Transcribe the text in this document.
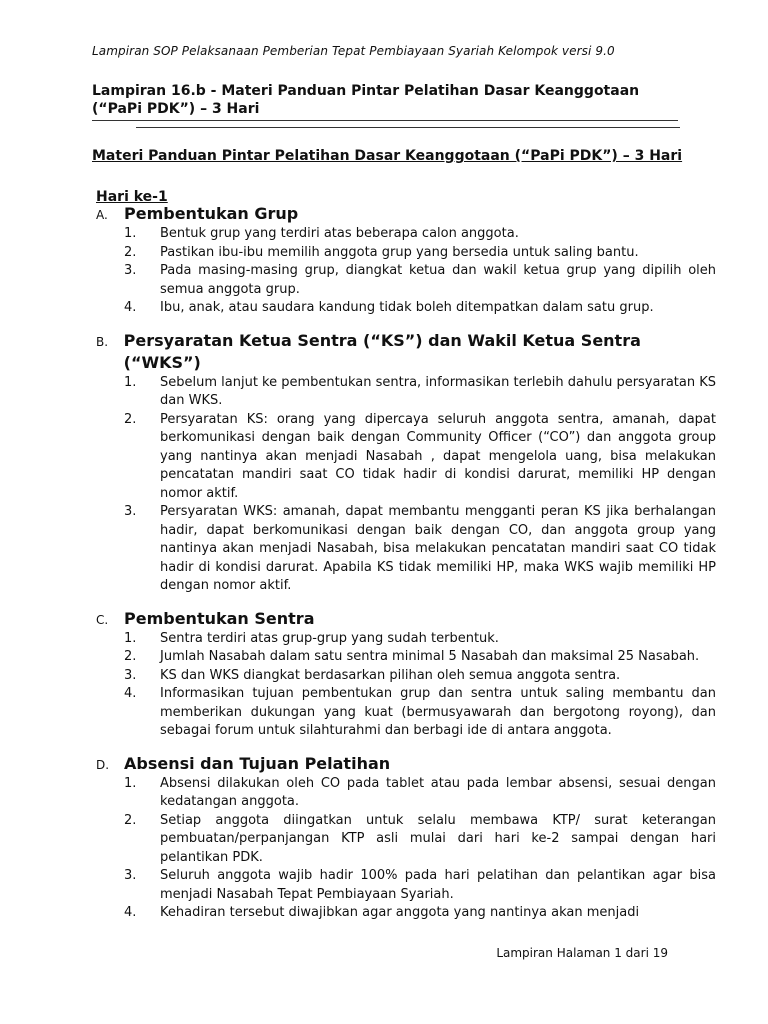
Lampiran SOP Pelaksanaan Pemberian Tepat Pembiayaan Syariah Kelompok versi 9.0
Lampiran 16.b - Materi Panduan Pintar Pelatihan Dasar Keanggotaan (“PaPi PDK”) – 3 Hari
Materi Panduan Pintar Pelatihan Dasar Keanggotaan (“PaPi PDK”) – 3 Hari
Hari ke-1
A.	Pembentukan Grup
1.	Bentuk grup yang terdiri atas beberapa calon anggota.
2.	Pastikan ibu-ibu memilih anggota grup yang bersedia untuk saling bantu.
3.	Pada masing-masing grup, diangkat ketua dan wakil ketua grup yang dipilih oleh semua anggota grup.
4.	Ibu, anak, atau saudara kandung tidak boleh ditempatkan dalam satu grup.
B. Persyaratan Ketua Sentra (“KS”) dan Wakil Ketua Sentra (“WKS”)
1.	Sebelum lanjut ke pembentukan sentra, informasikan terlebih dahulu persyaratan KS dan WKS.
2.	Persyaratan KS: orang yang dipercaya seluruh anggota sentra, amanah, dapat berkomunikasi dengan baik dengan Community Officer (“CO”) dan anggota group yang nantinya akan menjadi Nasabah , dapat mengelola uang, bisa melakukan pencatatan mandiri saat CO tidak hadir di kondisi darurat, memiliki HP dengan nomor aktif.
3.	Persyaratan WKS: amanah, dapat membantu mengganti peran KS jika berhalangan hadir, dapat berkomunikasi dengan baik dengan CO, dan anggota group yang nantinya akan menjadi Nasabah, bisa melakukan pencatatan mandiri saat CO tidak hadir di kondisi darurat. Apabila KS tidak memiliki HP, maka WKS wajib memiliki HP dengan nomor aktif.
C. Pembentukan Sentra
1.	Sentra terdiri atas grup-grup yang sudah terbentuk.
2.	Jumlah Nasabah dalam satu sentra minimal 5 Nasabah dan maksimal 25 Nasabah.
3.	KS dan WKS diangkat berdasarkan pilihan oleh semua anggota sentra.
4.	Informasikan tujuan pembentukan grup dan sentra untuk saling membantu dan memberikan dukungan yang kuat (bermusyawarah dan bergotong royong), dan sebagai forum untuk silahturahmi dan berbagi ide di antara anggota.
D. Absensi dan Tujuan Pelatihan
1.	Absensi dilakukan oleh CO pada tablet atau pada lembar absensi, sesuai dengan kedatangan anggota.
2.	Setiap anggota diingatkan untuk selalu membawa KTP/ surat keterangan pembuatan/perpanjangan KTP asli mulai dari hari ke-2 sampai dengan hari pelantikan PDK.
3.	Seluruh anggota wajib hadir 100% pada hari pelatihan dan pelantikan agar bisa menjadi Nasabah Tepat Pembiayaan Syariah.
4.	Kehadiran tersebut diwajibkan agar anggota yang nantinya akan menjadi
Lampiran Halaman 1 dari 19
